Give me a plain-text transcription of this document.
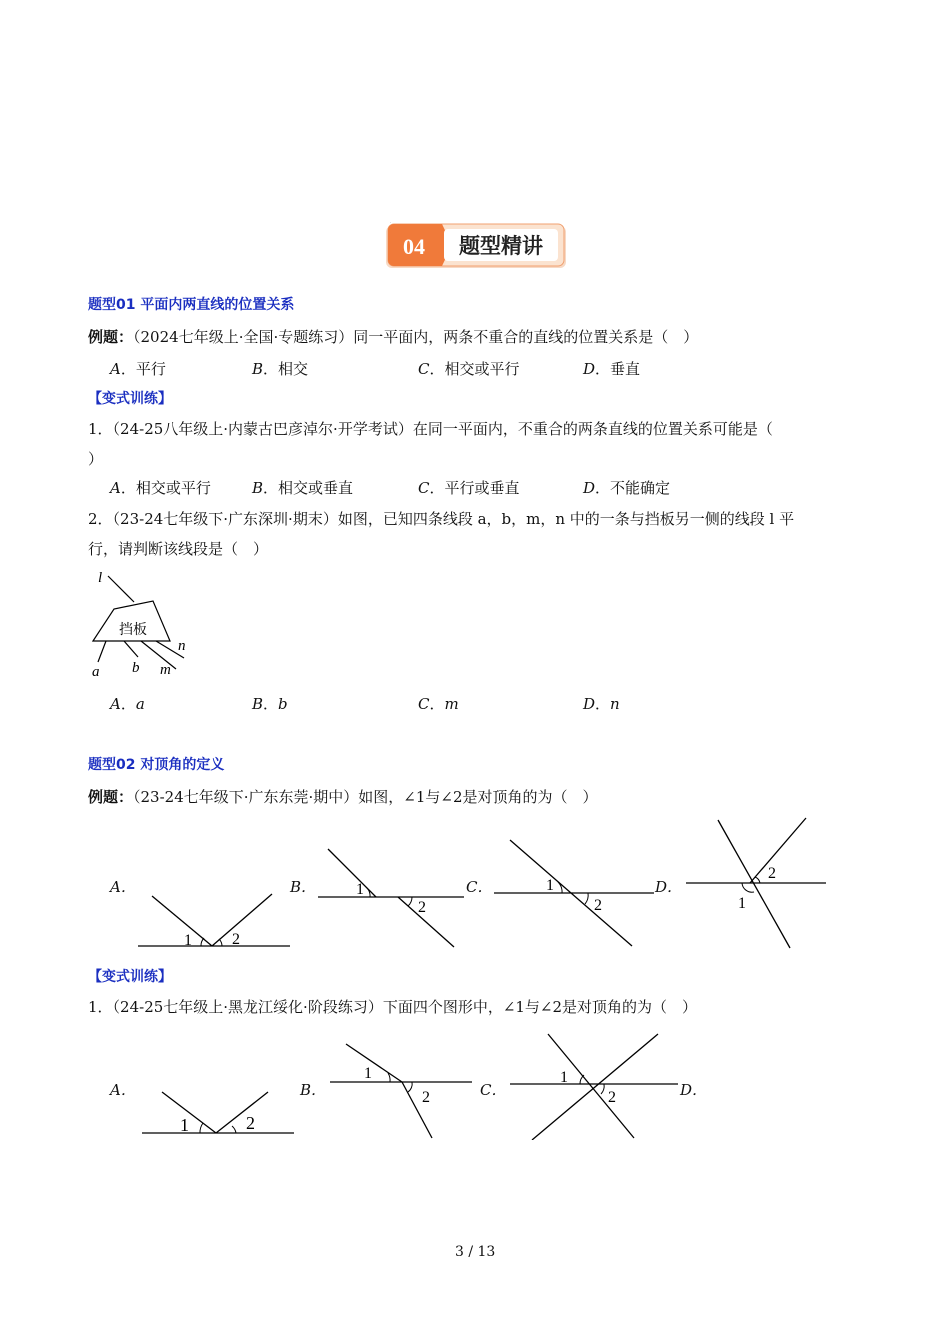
04 题型精讲
题型01 平面内两直线的位置关系
例题：（2024七年级上·全国·专题练习）同一平面内，两条不重合的直线的位置关系是（　）
A．平行	B．相交	C．相交或平行	D．垂直
【变式训练】
1．（24-25八年级上·内蒙古巴彦淖尔·开学考试）在同一平面内，不重合的两条直线的位置关系可能是（
）
A．相交或平行	B．相交或垂直	C．平行或垂直	D．不能确定
2．（23-24七年级下·广东深圳·期末）如图，已知四条线段 a，b，m，n 中的一条与挡板另一侧的线段 l 平
行，请判断该线段是（　）
挡板
l
a b m
n
A．a	B．b	C．m	D．n
题型02 对顶角的定义
例题：（23-24七年级下·广东东莞·期中）如图，∠1与∠2是对顶角的为（　）
A．
1	2
B． 1
2
C．	1
2
D．
1
2
【变式训练】
1．（24-25七年级上·黑龙江绥化·阶段练习）下面四个图形中，∠1与∠2是对顶角的为（　）
A．
1	2
B．
1
2	C．
1
2	D．
3 / 13
